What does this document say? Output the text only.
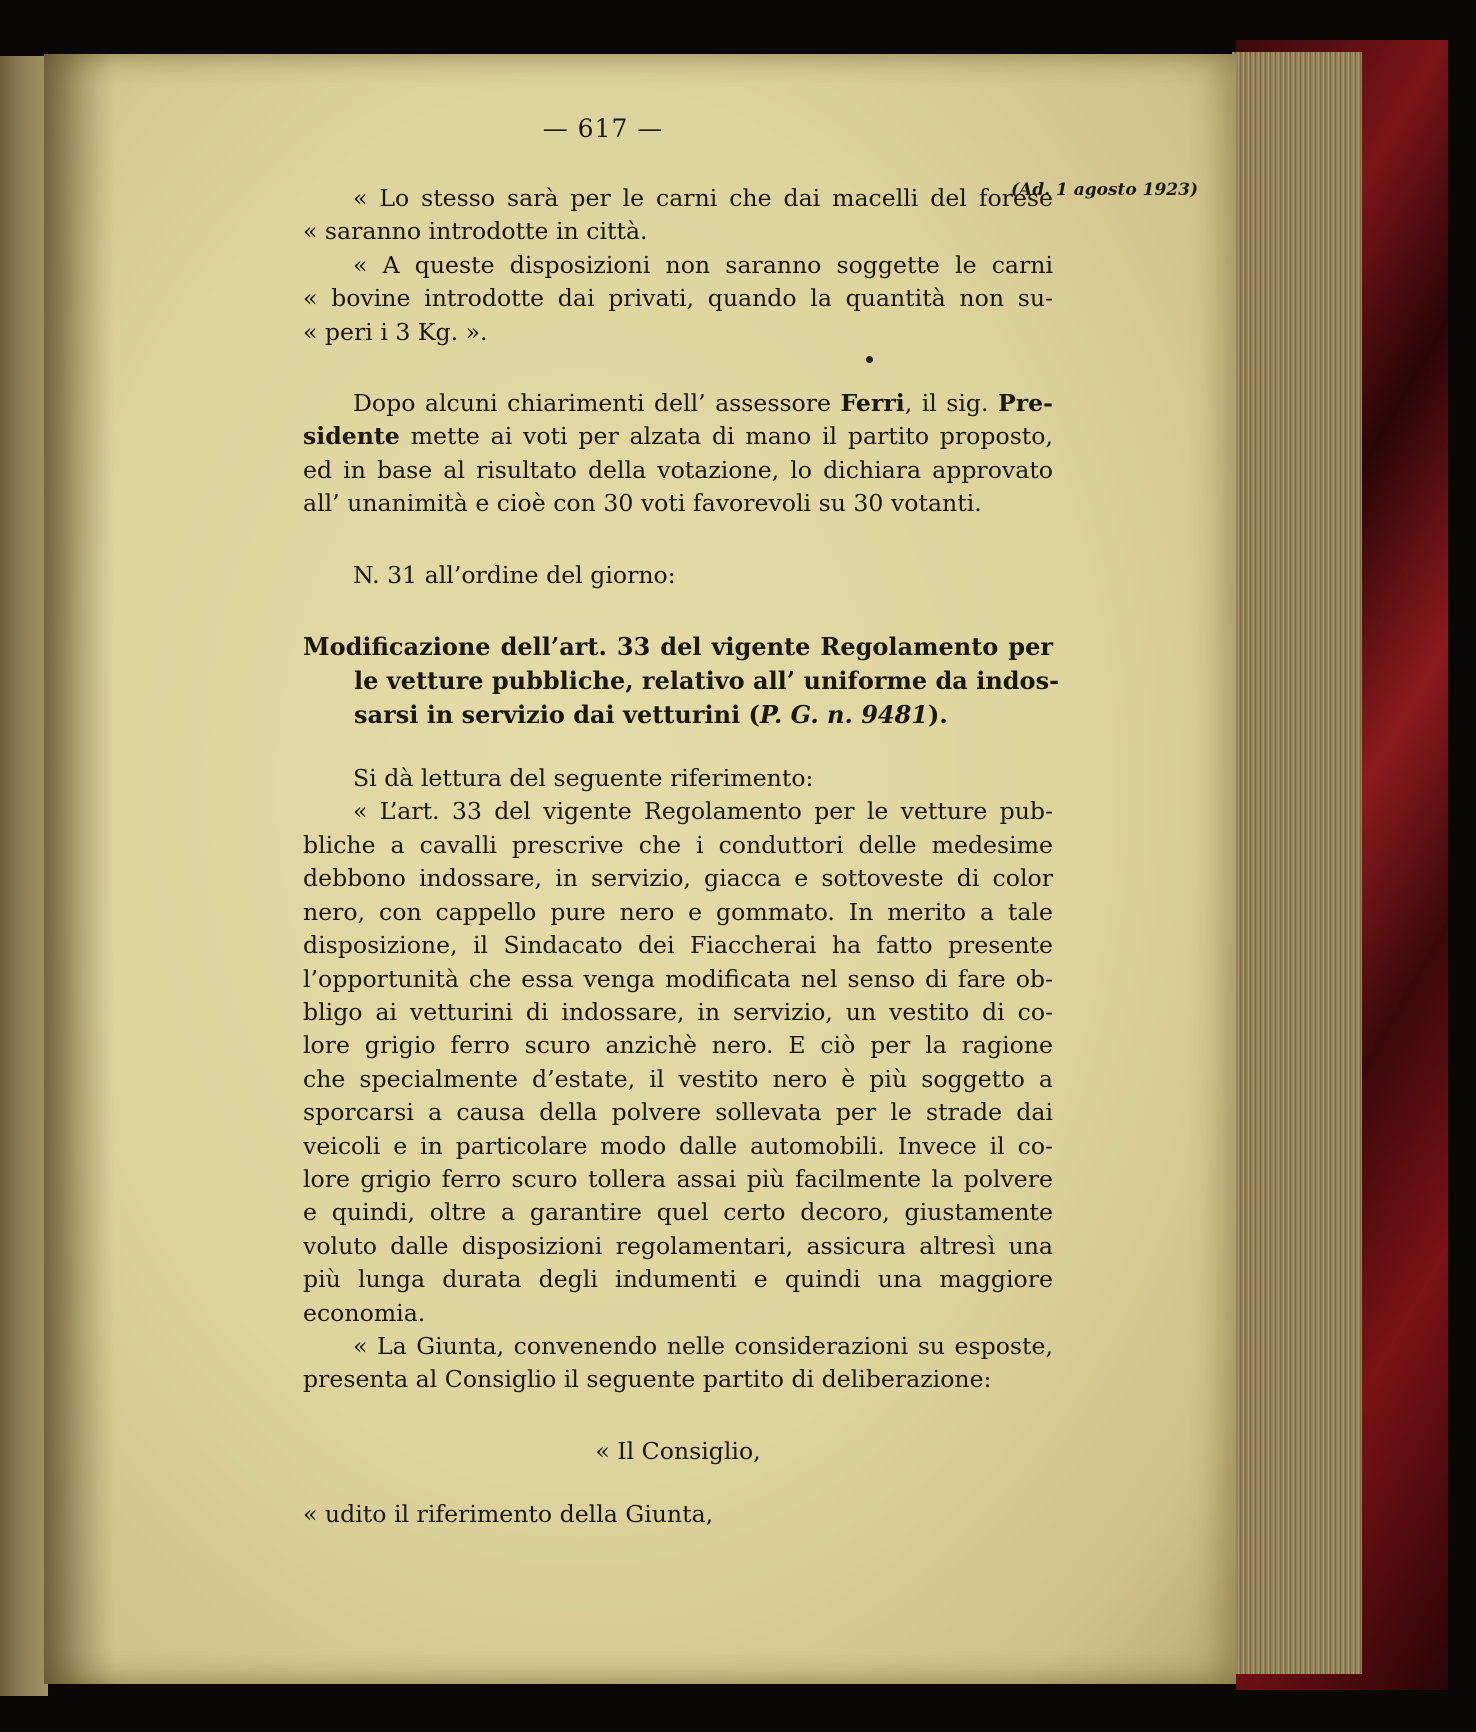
— 617 —
(Ad. 1 agosto 1923)
« Lo stesso sarà per le carni che dai macelli del forese
« saranno introdotte in città.
« A queste disposizioni non saranno soggette le carni
« bovine introdotte dai privati, quando la quantità non su-
« peri i 3 Kg. ».

Dopo alcuni chiarimenti dell’ assessore Ferri, il sig. Pre-sidente mette ai voti per alzata di mano il partito proposto, ed in base al risultato della votazione, lo dichiara approvato all’ unanimità e cioè con 30 voti favorevoli su 30 votanti.

N. 31 all’ordine del giorno:

Modificazione dell’art. 33 del vigente Regolamento per
le vetture pubbliche, relativo all’ uniforme da indos-
sarsi in servizio dai vetturini (P. G. n. 9481).

Si dà lettura del seguente riferimento:

« L’art. 33 del vigente Regolamento per le vetture pub-
bliche a cavalli prescrive che i conduttori delle medesime
debbono indossare, in servizio, giacca e sottoveste di color
nero, con cappello pure nero e gommato. In merito a tale
disposizione, il Sindacato dei Fiaccherai ha fatto presente
l’opportunità che essa venga modificata nel senso di fare ob-
bligo ai vetturini di indossare, in servizio, un vestito di co-
lore grigio ferro scuro anzichè nero. E ciò per la ragione
che specialmente d’estate, il vestito nero è più soggetto a
sporcarsi a causa della polvere sollevata per le strade dai
veicoli e in particolare modo dalle automobili. Invece il co-
lore grigio ferro scuro tollera assai più facilmente la polvere
e quindi, oltre a garantire quel certo decoro, giustamente
voluto dalle disposizioni regolamentari, assicura altresì una
più lunga durata degli indumenti e quindi una maggiore
economia.
« La Giunta, convenendo nelle considerazioni su esposte,
presenta al Consiglio il seguente partito di deliberazione:

« Il Consiglio,

« udito il riferimento della Giunta,
